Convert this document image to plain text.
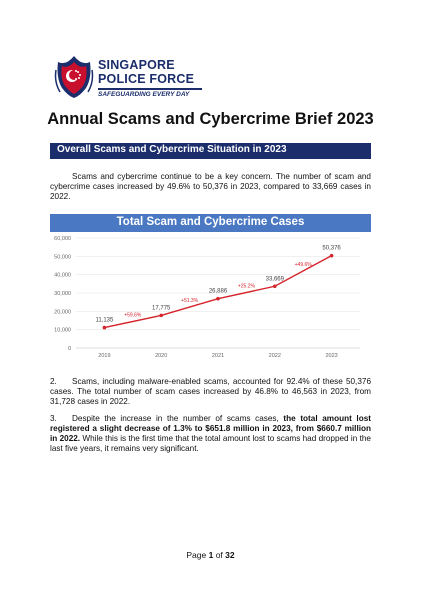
SINGAPORE
POLICE FORCE
SAFEGUARDING EVERY DAY
Annual Scams and Cybercrime Brief 2023
Overall Scams and Cybercrime Situation in 2023
Scams and cybercrime continue to be a key concern. The number of scam and cybercrime cases increased by 49.6% to 50,376 in 2023, compared to 33,669 cases in 2022.
Total Scam and Cybercrime Cases
0
10,000
20,000
30,000
40,000
50,000
60,000
2019	2020	2021	2022	2023
11,135
17,775
26,886
33,669
50,376
+59.6%
+51.3%
+25.2%
+49.6%
2. Scams, including malware-enabled scams, accounted for 92.4% of these 50,376 cases. The total number of scam cases increased by 46.8% to 46,563 in 2023, from 31,728 cases in 2022.
3. Despite the increase in the number of scams cases, the total amount lost registered a slight decrease of 1.3% to $651.8 million in 2023, from $660.7 million in 2022. While this is the first time that the total amount lost to scams had dropped in the last five years, it remains very significant.
Page 1 of 32
